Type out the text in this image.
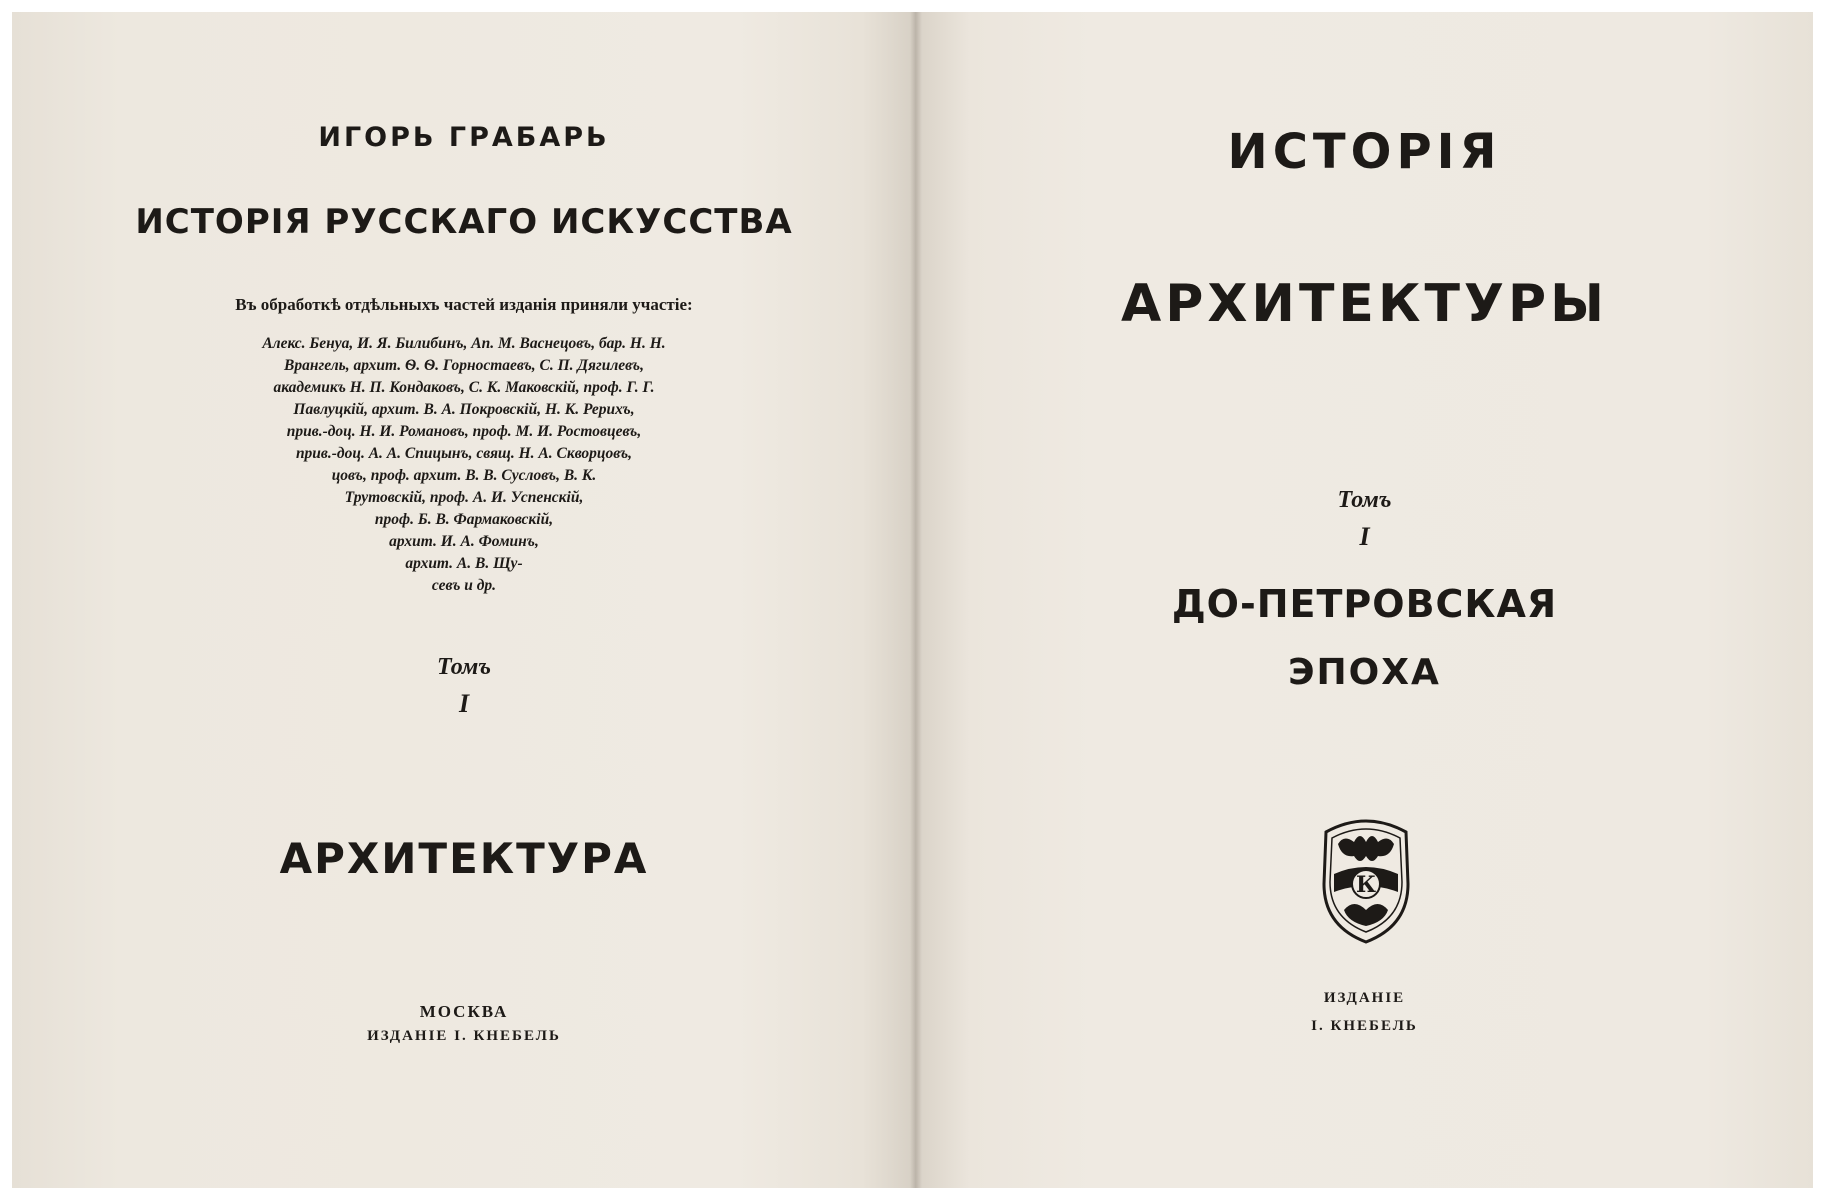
ИГОРЬ ГРАБАРЬ
ИСТОРІЯ РУССКАГО ИСКУССТВА
Въ обработкѣ отдѣльныхъ частей изданія приняли участіе:
Алекс. Бенуа, И. Я. Билибинъ, Ап. М. Васнецовъ, бар. Н. Н.
Врангель, архит. Ѳ. Ѳ. Горностаевъ, С. П. Дягилевъ,
академикъ Н. П. Кондаковъ, С. К. Маковскій, проф. Г. Г.
Павлуцкій, архит. В. А. Покровскій, Н. К. Рерихъ,
прив.-доц. Н. И. Романовъ, проф. М. И. Ростовцевъ,
прив.-доц. А. А. Спицынъ, свящ. Н. А. Скворцовъ,
цовъ, проф. архит. В. В. Сусловъ, В. К.
Трутовскій, проф. А. И. Успенскій,
проф. Б. В. Фармаковскій,
архит. И. А. Фоминъ,
архит. А. В. Щу-
севъ и др.
Томъ
I
АРХИТЕКТУРА
МОСКВА
ИЗДАНІЕ І. КНЕБЕЛЬ
ИСТОРІЯ
АРХИТЕКТУРЫ
Томъ
I
ДО-ПЕТРОВСКАЯ
ЭПОХА
К
ИЗДАНІЕ
І. КНЕБЕЛЬ
